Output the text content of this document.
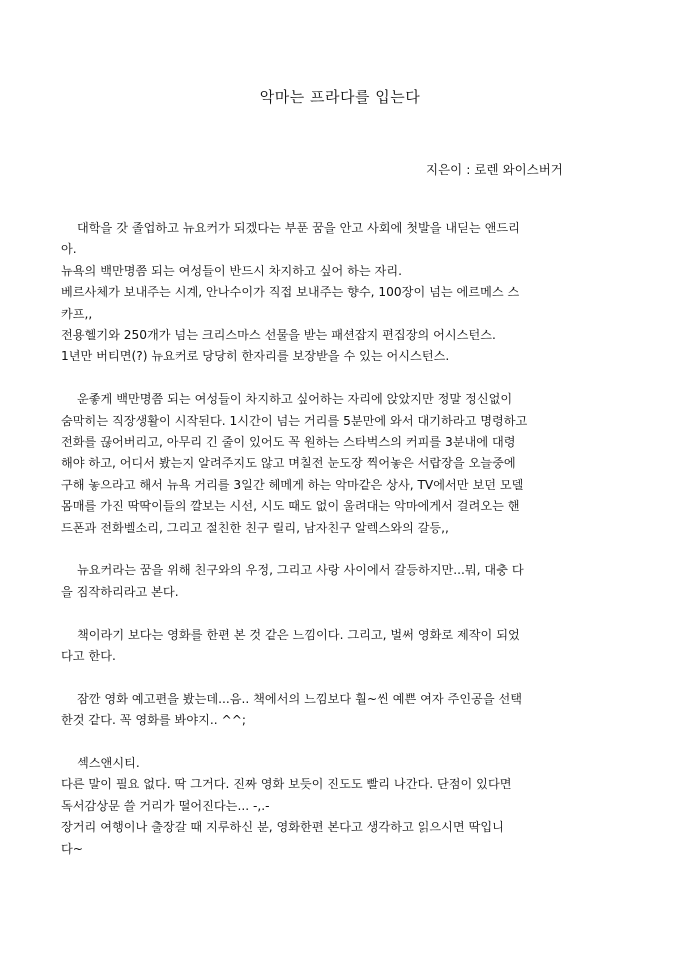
악마는 프라다를 입는다
지은이 : 로렌 와이스버거
대학을 갓 졸업하고 뉴요커가 되겠다는 부푼 꿈을 안고 사회에 첫발을 내딛는 앤드리
아.
뉴욕의 백만명쯤 되는 여성들이 반드시 차지하고 싶어 하는 자리.
베르사체가 보내주는 시계, 안나수이가 직접 보내주는 향수, 100장이 넘는 에르메스 스
카프,,
전용헬기와 250개가 넘는 크리스마스 선물을 받는 패션잡지 편집장의 어시스턴스.
1년만 버티면(?) 뉴요커로 당당히 한자리를 보장받을 수 있는 어시스턴스.
운좋게 백만명쯤 되는 여성들이 차지하고 싶어하는 자리에 앉았지만 정말 정신없이
숨막히는 직장생활이 시작된다. 1시간이 넘는 거리를 5분만에 와서 대기하라고 명령하고
전화를 끊어버리고, 아무리 긴 줄이 있어도 꼭 원하는 스타벅스의 커피를 3분내에 대령
해야 하고, 어디서 봤는지 알려주지도 않고 며칠전 눈도장 찍어놓은 서랍장을 오늘중에
구해 놓으라고 해서 뉴욕 거리를 3일간 헤메게 하는 악마같은 상사, TV에서만 보던 모델
몸매를 가진 딱딱이들의 깔보는 시선, 시도 때도 없이 울려대는 악마에게서 걸려오는 핸
드폰과 전화벨소리, 그리고 절친한 친구 릴리, 남자친구 알렉스와의 갈등,,
뉴요커라는 꿈을 위해 친구와의 우정, 그리고 사랑 사이에서 갈등하지만...뭐, 대충 다
을 짐작하리라고 본다.
책이라기 보다는 영화를 한편 본 것 같은 느낌이다. 그리고, 벌써 영화로 제작이 되었
다고 한다.
잠깐 영화 예고편을 봤는데...음.. 책에서의 느낌보다 훨~씬 예쁜 여자 주인공을 선택
한것 같다. 꼭 영화를 봐야지.. ^^;
섹스앤시티.
다른 말이 필요 없다. 딱 그거다. 진짜 영화 보듯이 진도도 빨리 나간다. 단점이 있다면
독서감상문 쓸 거리가 떨어진다는... -,.-
장거리 여행이나 출장갈 때 지루하신 분, 영화한편 본다고 생각하고 읽으시면 딱입니
다~
